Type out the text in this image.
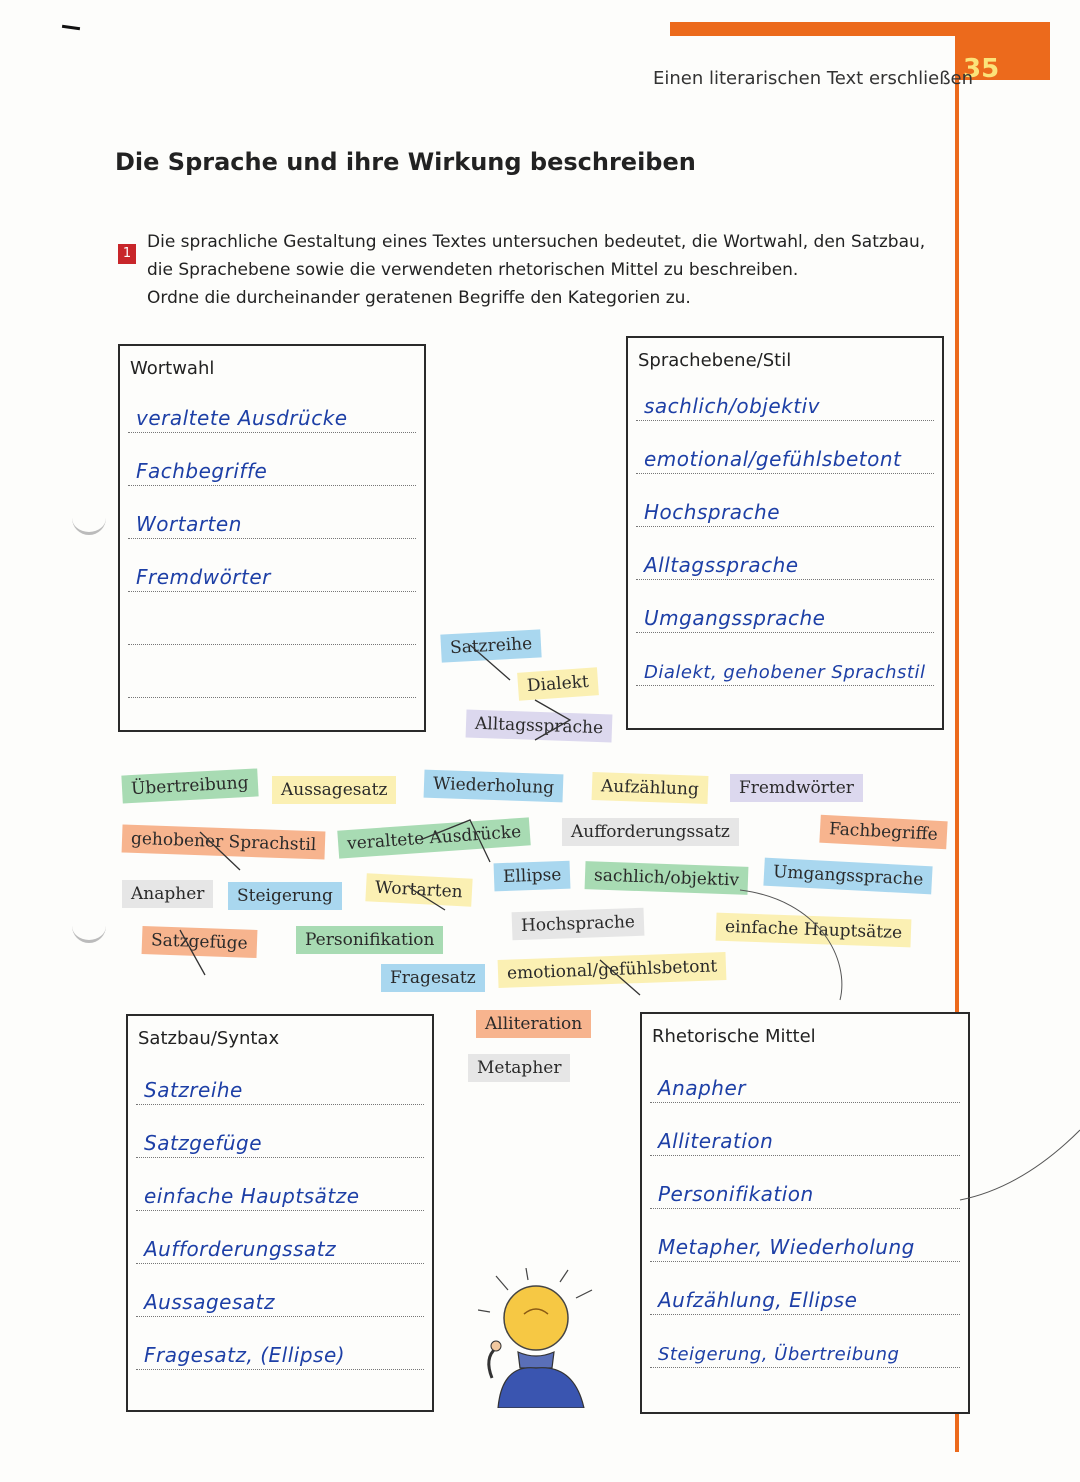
35
Einen literarischen Text erschließen
Die Sprache und ihre Wirkung beschreiben
1
Die sprachliche Gestaltung eines Textes untersuchen bedeutet, die Wortwahl, den Satzbau,
die Sprachebene sowie die verwendeten rhetorischen Mittel zu beschreiben.
Ordne die durcheinander geratenen Begriffe den Kategorien zu.
Wortwahl
veraltete Ausdrücke
Fachbegriffe
Wortarten
Fremdwörter
Sprachebene/Stil
sachlich/objektiv
emotional/gefühlsbetont
Hochsprache
Alltagssprache
Umgangssprache
Dialekt, gehobener Sprachstil
Satzbau/Syntax
Satzreihe
Satzgefüge
einfache Hauptsätze
Aufforderungssatz
Aussagesatz
Fragesatz, (Ellipse)
Rhetorische Mittel
Anapher
Alliteration
Personifikation
Metapher, Wiederholung
Aufzählung, Ellipse
Steigerung, Übertreibung
Satzreihe
Dialekt
Alltagssprache
Übertreibung	Aussagesatz	Wiederholung	Aufzählung	Fremdwörter
gehobener Sprachstil	veraltete Ausdrücke	Aufforderungssatz	Fachbegriffe
Anapher	Steigerung	Wortarten
Ellipse	sachlich/objektiv	Umgangssprache
Satzgefüge	Personifikation
Hochsprache	einfache Hauptsätze
Fragesatz	emotional/gefühlsbetont
Alliteration
Metapher
